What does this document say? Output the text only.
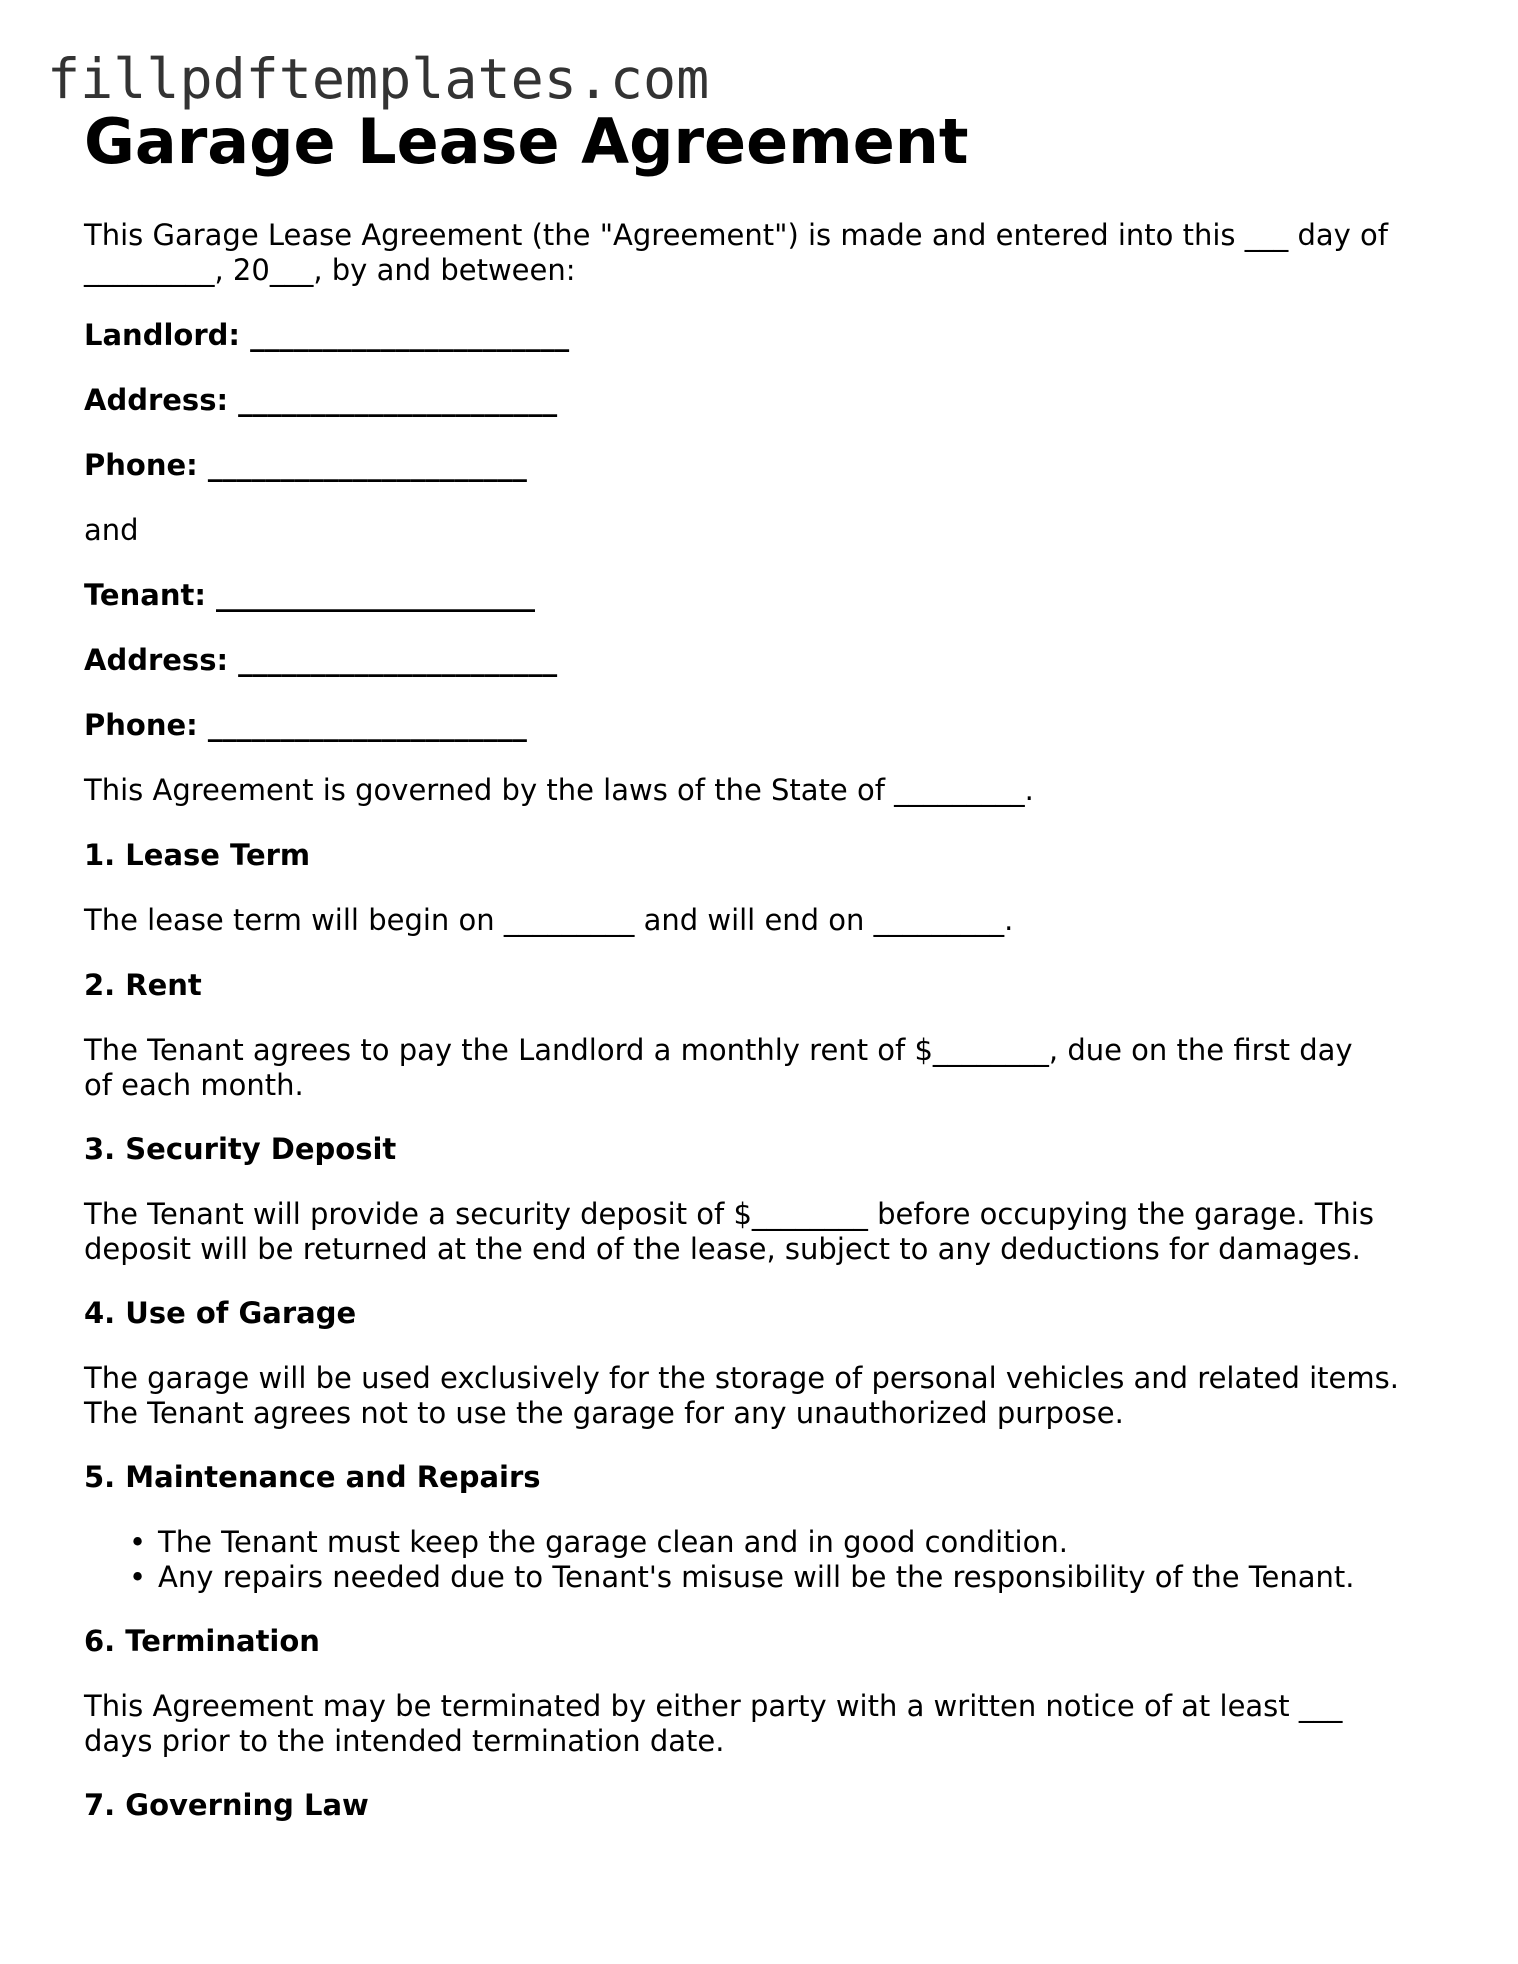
fillpdftemplates.com
Garage Lease Agreement
This Garage Lease Agreement (the "Agreement") is made and entered into this ___ day of
_________, 20___, by and between:
Landlord: ______________________
Address: ______________________
Phone: ______________________
and
Tenant: ______________________
Address: ______________________
Phone: ______________________
This Agreement is governed by the laws of the State of _________.
1. Lease Term
The lease term will begin on _________ and will end on _________.
2. Rent
The Tenant agrees to pay the Landlord a monthly rent of $________, due on the first day
of each month.
3. Security Deposit
The Tenant will provide a security deposit of $________ before occupying the garage. This
deposit will be returned at the end of the lease, subject to any deductions for damages.
4. Use of Garage
The garage will be used exclusively for the storage of personal vehicles and related items.
The Tenant agrees not to use the garage for any unauthorized purpose.
5. Maintenance and Repairs
• The Tenant must keep the garage clean and in good condition.
• Any repairs needed due to Tenant's misuse will be the responsibility of the Tenant.
6. Termination
This Agreement may be terminated by either party with a written notice of at least ___
days prior to the intended termination date.
7. Governing Law
